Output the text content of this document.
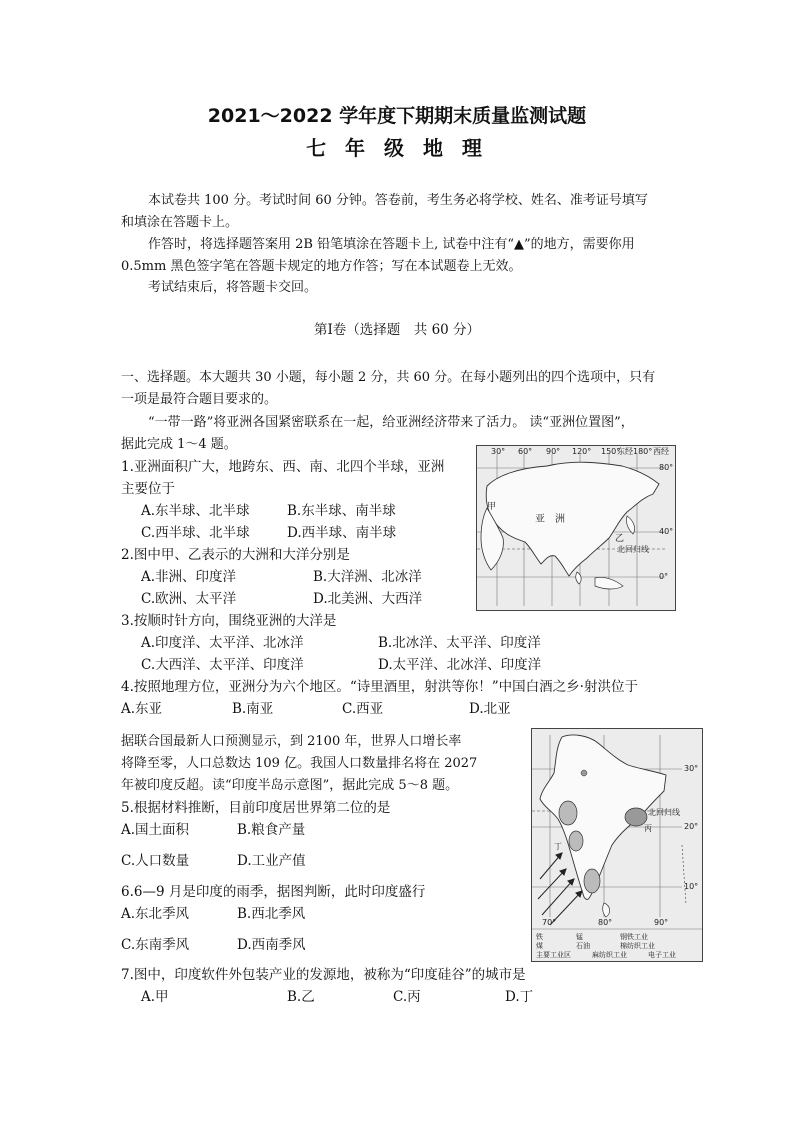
2021～2022 学年度下期期末质量监测试题
七 年 级 地 理
本试卷共 100 分。考试时间 60 分钟。答卷前，考生务必将学校、姓名、准考证号填写
和填涂在答题卡上。
作答时，将选择题答案用 2B 铅笔填涂在答题卡上, 试卷中注有“▲”的地方，需要你用
0.5mm 黑色签字笔在答题卡规定的地方作答；写在本试题卷上无效。
考试结束后，将答题卡交回。
第Ⅰ卷（选择题　共 60 分）
一、选择题。本大题共 30 小题，每小题 2 分，共 60 分。在每小题列出的四个选项中，只有
一项是最符合题目要求的。
“一带一路”将亚洲各国紧密联系在一起，给亚洲经济带来了活力。 读“亚洲位置图”，
据此完成 1～4 题。
1.亚洲面积广大，地跨东、西、南、北四个半球，亚洲
主要位于
A.东半球、北半球	B.东半球、南半球
C.西半球、北半球	D.西半球、南半球
2.图中甲、乙表示的大洲和大洋分别是
A.非洲、印度洋	B.大洋洲、北冰洋
C.欧洲、太平洋	D.北美洲、大西洋
3.按顺时针方向，围绕亚洲的大洋是
A.印度洋、太平洋、北冰洋	B.北冰洋、太平洋、印度洋
C.大西洋、太平洋、印度洋	D.太平洋、北冰洋、印度洋
4.按照地理方位，亚洲分为六个地区。“诗里酒里，射洪等你！”中国白酒之乡·射洪位于
A.东亚	B.南亚	C.西亚	D.北亚
据联合国最新人口预测显示，到 2100 年，世界人口增长率
将降至零，人口总数达 109 亿。我国人口数量排名将在 2027
年被印度反超。读“印度半岛示意图”，据此完成 5～8 题。
5.根据材料推断，目前印度居世界第二位的是
A.国土面积	B.粮食产量
C.人口数量	D.工业产值
6.6—9 月是印度的雨季，据图判断，此时印度盛行
A.东北季风	B.西北季风
C.东南季风	D.西南季风
7.图中，印度软件外包装产业的发源地，被称为“印度硅谷”的城市是
A.甲	B.乙	C.丙	D.丁
30° 60° 90° 120° 150°
东经180° 西经
80°
40°
0°
甲
亚　洲
乙
北回归线
30°
20°
10°
70°	80°	90°
北回归线
丙
丁
铁	锰	钢铁工业
煤	石油	棉纺织工业
主要工业区	麻纺织工业	电子工业
